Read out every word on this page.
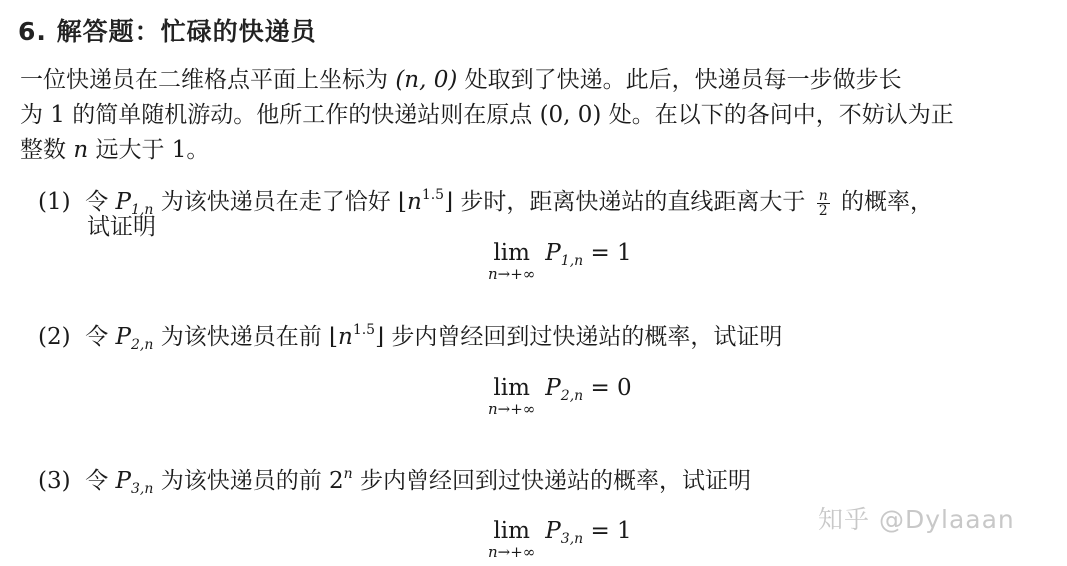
6. 解答题：忙碌的快递员
一位快递员在二维格点平面上坐标为 (n, 0) 处取到了快递。此后，快递员每一步做步长
为 1 的简单随机游动。他所工作的快递站则在原点 (0, 0) 处。在以下的各问中，不妨认为正
整数 n 远大于 1。
(1) 令 $P_{1,n}$ 为该快递员在走了恰好 $⌊n^{1.5}⌋$ 步时，距离快递站的直线距离大于 $\frac{n}{2}$ 的概率，
试证明
lim
n→+∞
$P_{1,n} = 1$
(2) 令 $P_{2,n}$ 为该快递员在前 $⌊n^{1.5}⌋$ 步内曾经回到过快递站的概率，试证明
lim
n→+∞
$P_{2,n} = 0$
(3) 令 $P_{3,n}$ 为该快递员的前 2$^n$ 步内曾经回到过快递站的概率，试证明
lim
n→+∞
$P_{3,n} = 1$	知乎 @Dylaaan
